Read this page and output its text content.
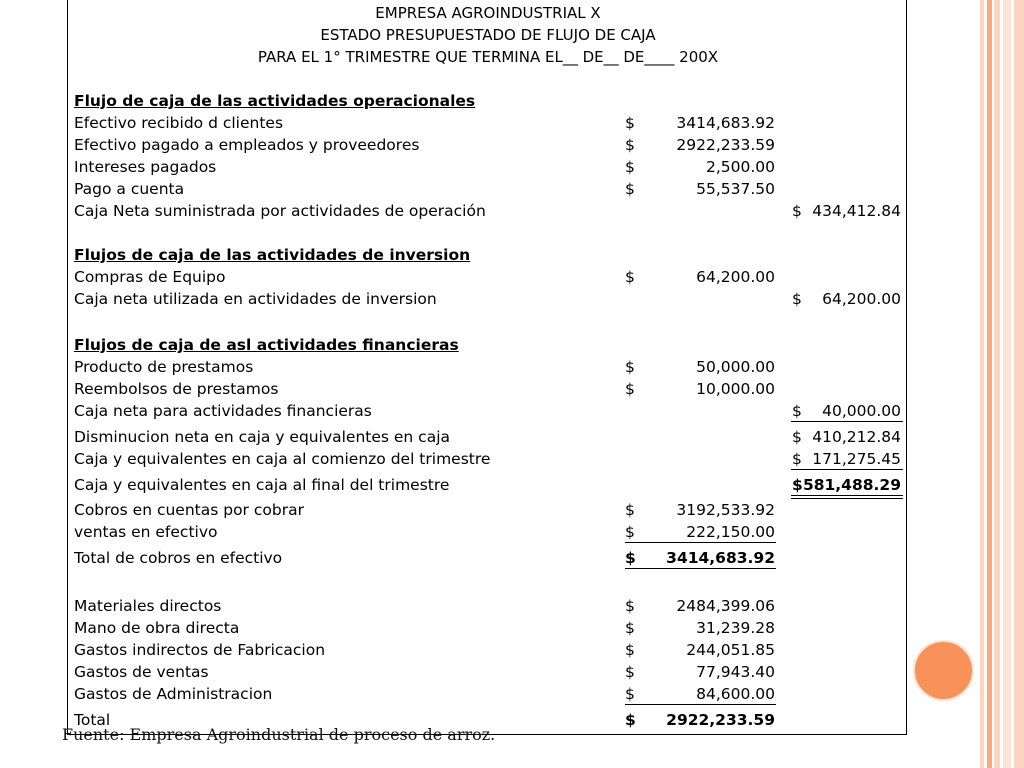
EMPRESA AGROINDUSTRIAL X
ESTADO PRESUPUESTADO DE FLUJO DE CAJA
PARA EL 1° TRIMESTRE QUE TERMINA EL__ DE__ DE____ 200X
Flujo de caja de las actividades operacionales
Efectivo recibido d clientes	$	3414,683.92
Efectivo pagado a empleados y proveedores	$	2922,233.59
Intereses pagados	$	2,500.00
Pago a cuenta	$	55,537.50
Caja Neta suministrada por actividades de operación	$ 434,412.84
Flujos de caja de las actividades de inversion
Compras de Equipo	$	64,200.00
Caja neta utilizada en actividades de inversion	$ 64,200.00
Flujos de caja de asl actividades financieras
Producto de prestamos	$	50,000.00
Reembolsos de prestamos	$	10,000.00
Caja neta para actividades financieras	$ 40,000.00
Disminucion neta en caja y equivalentes en caja	$ 410,212.84
Caja y equivalentes en caja al comienzo del trimestre	$ 171,275.45
Caja y equivalentes en caja al final del trimestre	$ 581,488.29
Cobros en cuentas por cobrar	$	3192,533.92
ventas en efectivo	$	222,150.00
Total de cobros en efectivo	$ 3414,683.92
Materiales directos	$	2484,399.06
Mano de obra directa	$	31,239.28
Gastos indirectos de Fabricacion	$	244,051.85
Gastos de ventas	$	77,943.40
Gastos de Administracion	$	84,600.00
Total	$ 2922,233.59
Fuente: Empresa Agroindustrial de proceso de arroz.
